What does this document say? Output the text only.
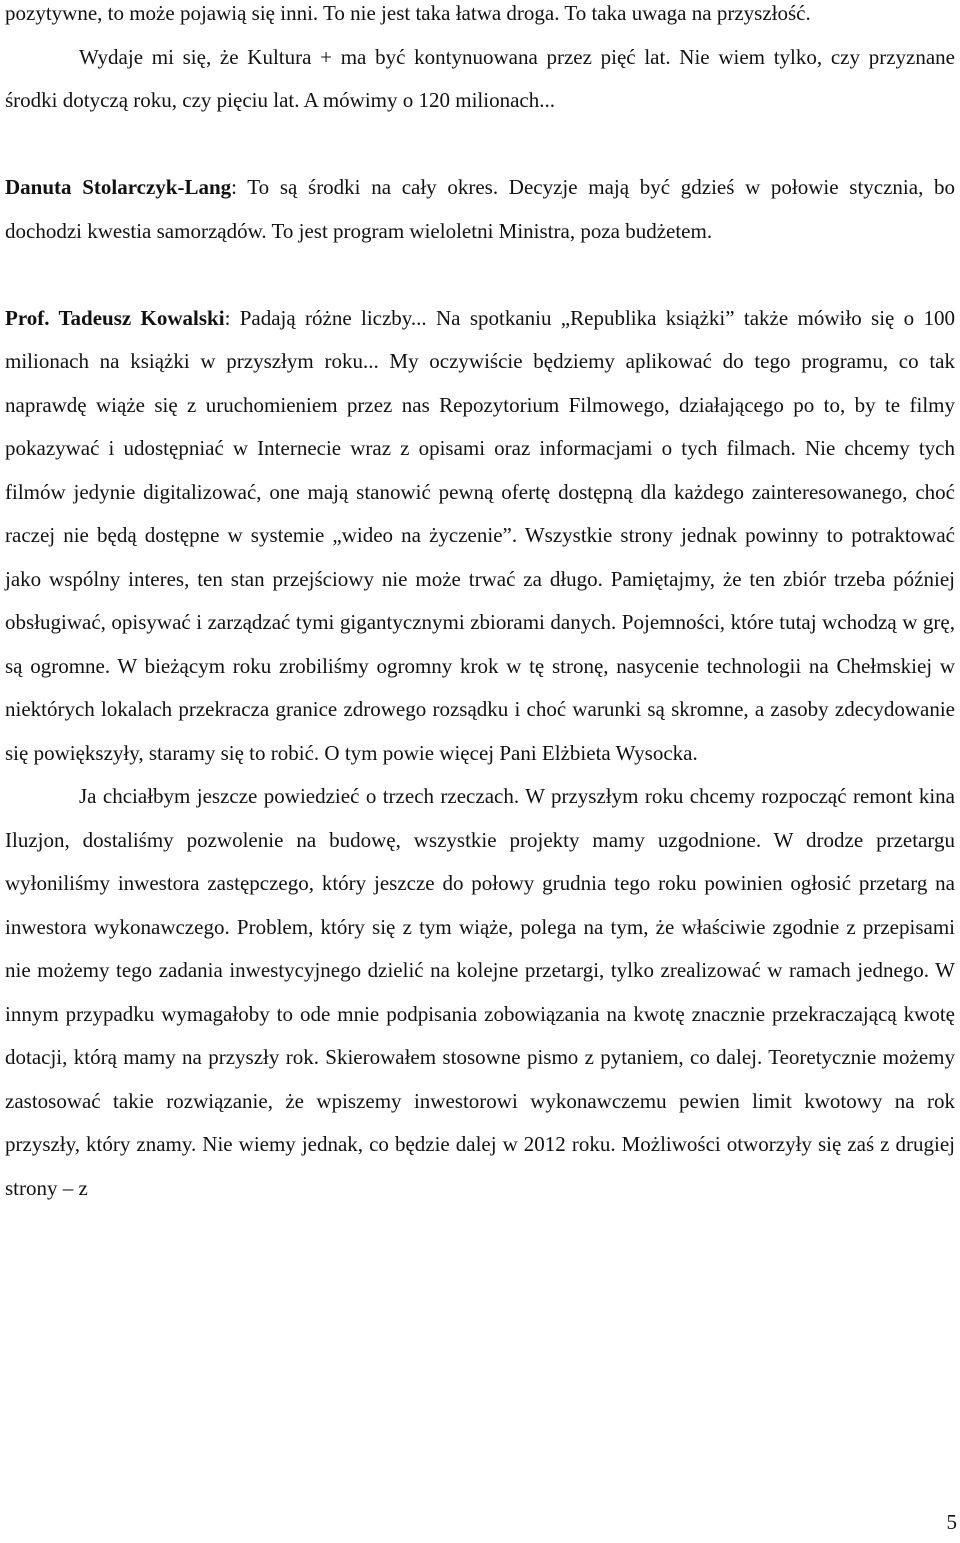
pozytywne, to może pojawią się inni. To nie jest taka łatwa droga. To taka uwaga na przyszłość.

Wydaje mi się, że Kultura + ma być kontynuowana przez pięć lat. Nie wiem tylko, czy przyznane środki dotyczą roku, czy pięciu lat. A mówimy o 120 milionach...

Danuta Stolarczyk-Lang: To są środki na cały okres. Decyzje mają być gdzieś w połowie stycznia, bo dochodzi kwestia samorządów. To jest program wieloletni Ministra, poza budżetem.

Prof. Tadeusz Kowalski: Padają różne liczby... Na spotkaniu „Republika książki” także mówiło się o 100 milionach na książki w przyszłym roku... My oczywiście będziemy aplikować do tego programu, co tak naprawdę wiąże się z uruchomieniem przez nas Repozytorium Filmowego, działającego po to, by te filmy pokazywać i udostępniać w Internecie wraz z opisami oraz informacjami o tych filmach. Nie chcemy tych filmów jedynie digitalizować, one mają stanowić pewną ofertę dostępną dla każdego zainteresowanego, choć raczej nie będą dostępne w systemie „wideo na życzenie”. Wszystkie strony jednak powinny to potraktować jako wspólny interes, ten stan przejściowy nie może trwać za długo. Pamiętajmy, że ten zbiór trzeba później obsługiwać, opisywać i zarządzać tymi gigantycznymi zbiorami danych. Pojemności, które tutaj wchodzą w grę, są ogromne. W bieżącym roku zrobiliśmy ogromny krok w tę stronę, nasycenie technologii na Chełmskiej w niektórych lokalach przekracza granice zdrowego rozsądku i choć warunki są skromne, a zasoby zdecydowanie się powiększyły, staramy się to robić. O tym powie więcej Pani Elżbieta Wysocka.

Ja chciałbym jeszcze powiedzieć o trzech rzeczach. W przyszłym roku chcemy rozpocząć remont kina Iluzjon, dostaliśmy pozwolenie na budowę, wszystkie projekty mamy uzgodnione. W drodze przetargu wyłoniliśmy inwestora zastępczego, który jeszcze do połowy grudnia tego roku powinien ogłosić przetarg na inwestora wykonawczego. Problem, który się z tym wiąże, polega na tym, że właściwie zgodnie z przepisami nie możemy tego zadania inwestycyjnego dzielić na kolejne przetargi, tylko zrealizować w ramach jednego. W innym przypadku wymagałoby to ode mnie podpisania zobowiązania na kwotę znacznie przekraczającą kwotę dotacji, którą mamy na przyszły rok. Skierowałem stosowne pismo z pytaniem, co dalej. Teoretycznie możemy zastosować takie rozwiązanie, że wpiszemy inwestorowi wykonawczemu pewien limit kwotowy na rok przyszły, który znamy. Nie wiemy jednak, co będzie dalej w 2012 roku. Możliwości otworzyły się zaś z drugiej strony – z

5
